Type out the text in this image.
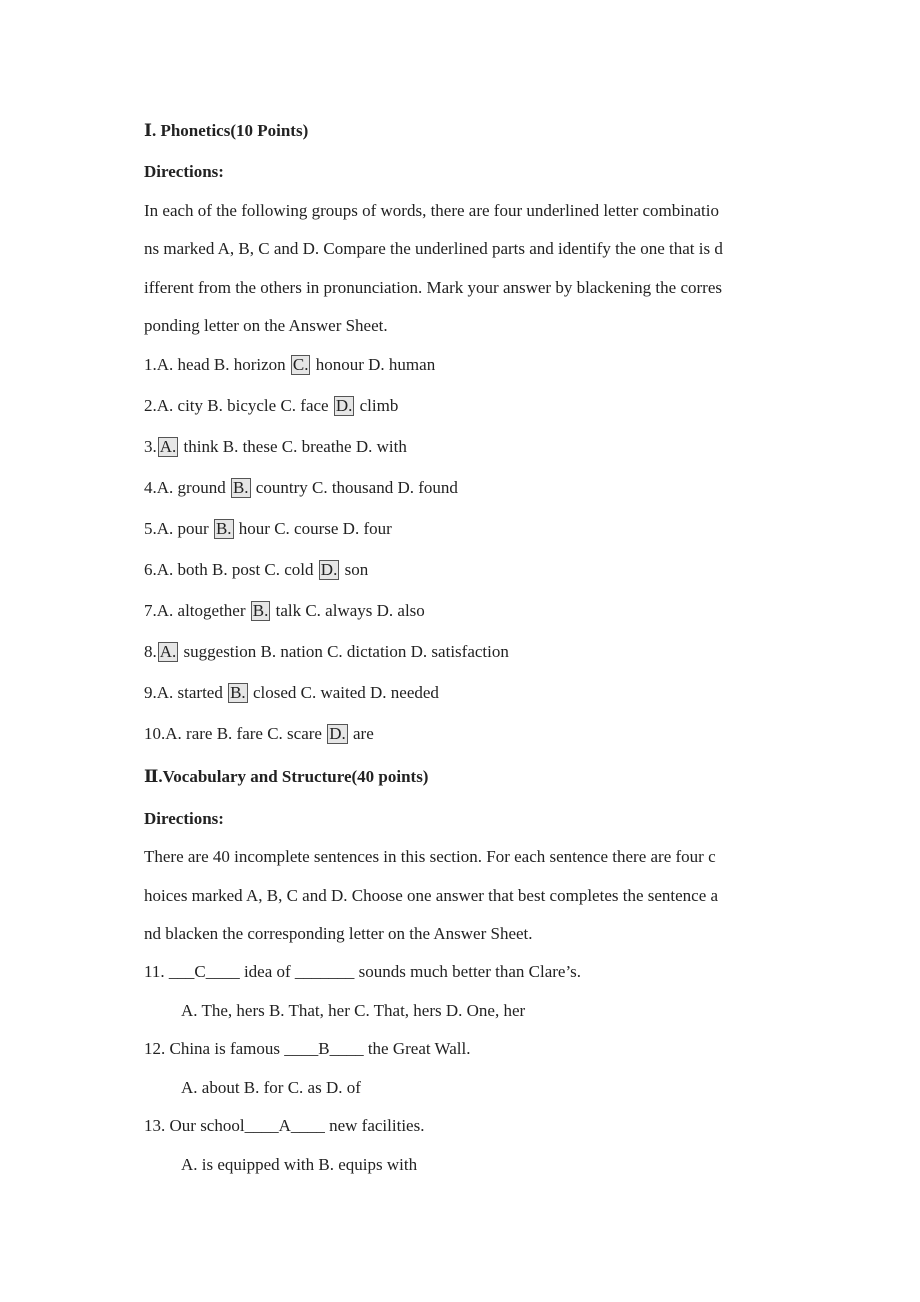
Ⅰ. Phonetics(10 Points)
Directions:
In each of the following groups of words, there are four underlined letter combinatio
ns marked A, B, C and D. Compare the underlined parts and identify the one that is d
ifferent from the others in pronunciation. Mark your answer by blackening the corres
ponding letter on the Answer Sheet.
1.A. head B. horizon C. honour D. human
2.A. city B. bicycle C. face D. climb
3. A. think B. these C. breathe D. with
4.A. ground B. country C. thousand D. found
5.A. pour B. hour C. course D. four
6.A. both B. post C. cold D. son
7.A. altogether B. talk C. always D. also
8. A. suggestion B. nation C. dictation D. satisfaction
9.A. started B. closed C. waited D. needed
10.A. rare B. fare C. scare D. are
Ⅱ.Vocabulary and Structure(40 points)
Directions:
There are 40 incomplete sentences in this section. For each sentence there are four c
hoices marked A, B, C and D. Choose one answer that best completes the sentence a
nd blacken the corresponding letter on the Answer Sheet.
11. ___C____ idea of _______ sounds much better than Clare’s.
A. The, hers B. That, her C. That, hers D. One, her
12. China is famous ____B____ the Great Wall.
A. about B. for C. as D. of
13. Our school____A____ new facilities.
A. is equipped with B. equips with
